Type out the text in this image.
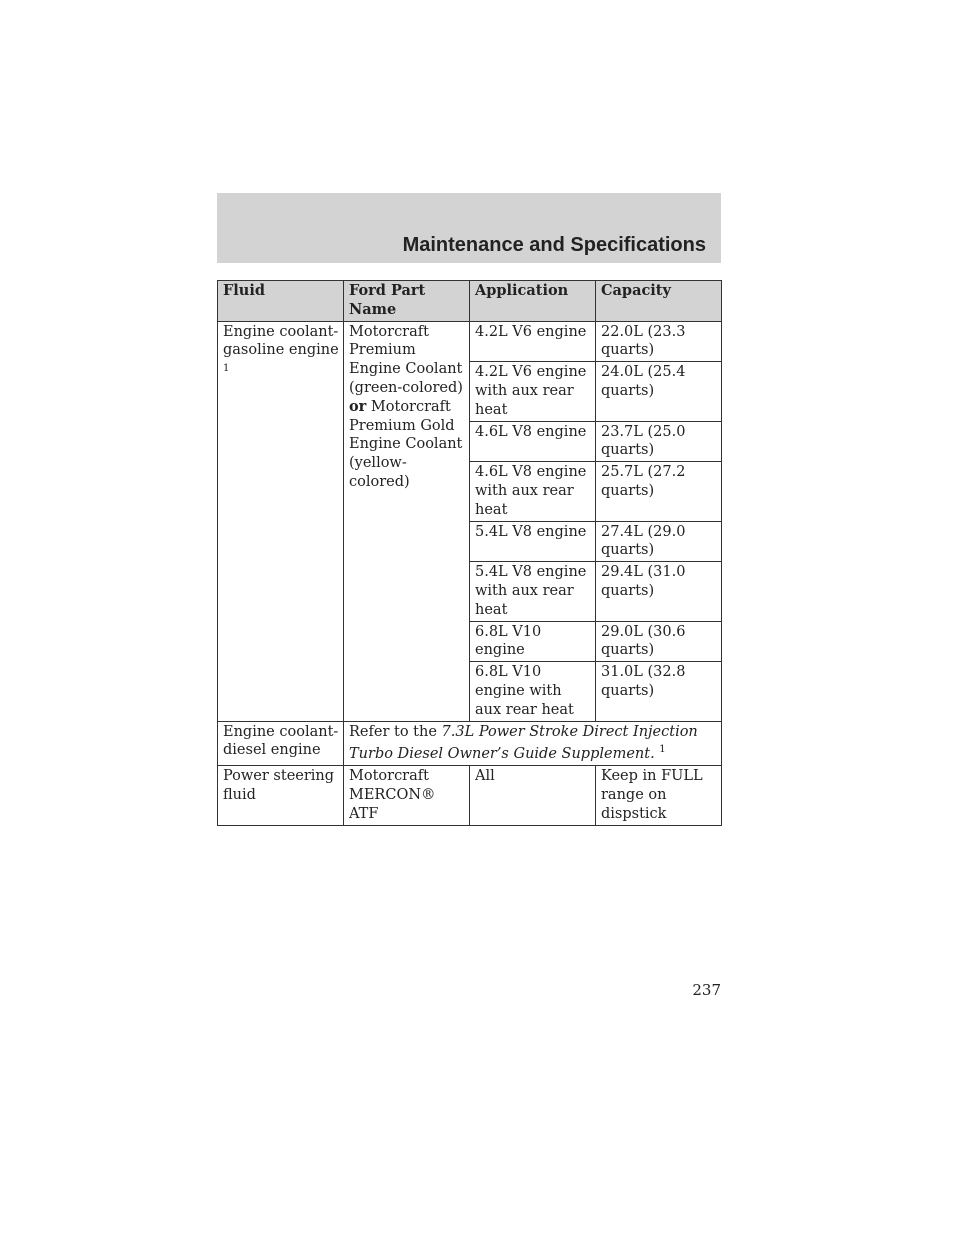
Maintenance and Specifications
Fluid	Ford Part Name	Application	Capacity
Engine coolant-gasoline engine $^1$	Motorcraft Premium Engine Coolant (green-colored) or Motorcraft Premium Gold Engine Coolant (yellow-colored)	4.2L V6 engine	22.0L (23.3 quarts)
		4.2L V6 engine with aux rear heat	24.0L (25.4 quarts)
		4.6L V8 engine	23.7L (25.0 quarts)
		4.6L V8 engine with aux rear heat	25.7L (27.2 quarts)
		5.4L V8 engine	27.4L (29.0 quarts)
		5.4L V8 engine with aux rear heat	29.4L (31.0 quarts)
		6.8L V10 engine	29.0L (30.6 quarts)
		6.8L V10 engine with aux rear heat	31.0L (32.8 quarts)
Engine coolant-diesel engine	Refer to the 7.3L Power Stroke Direct Injection Turbo Diesel Owner’s Guide Supplement. $^1$
Power steering fluid	Motorcraft MERCON® ATF	All	Keep in FULL range on dispstick
237
